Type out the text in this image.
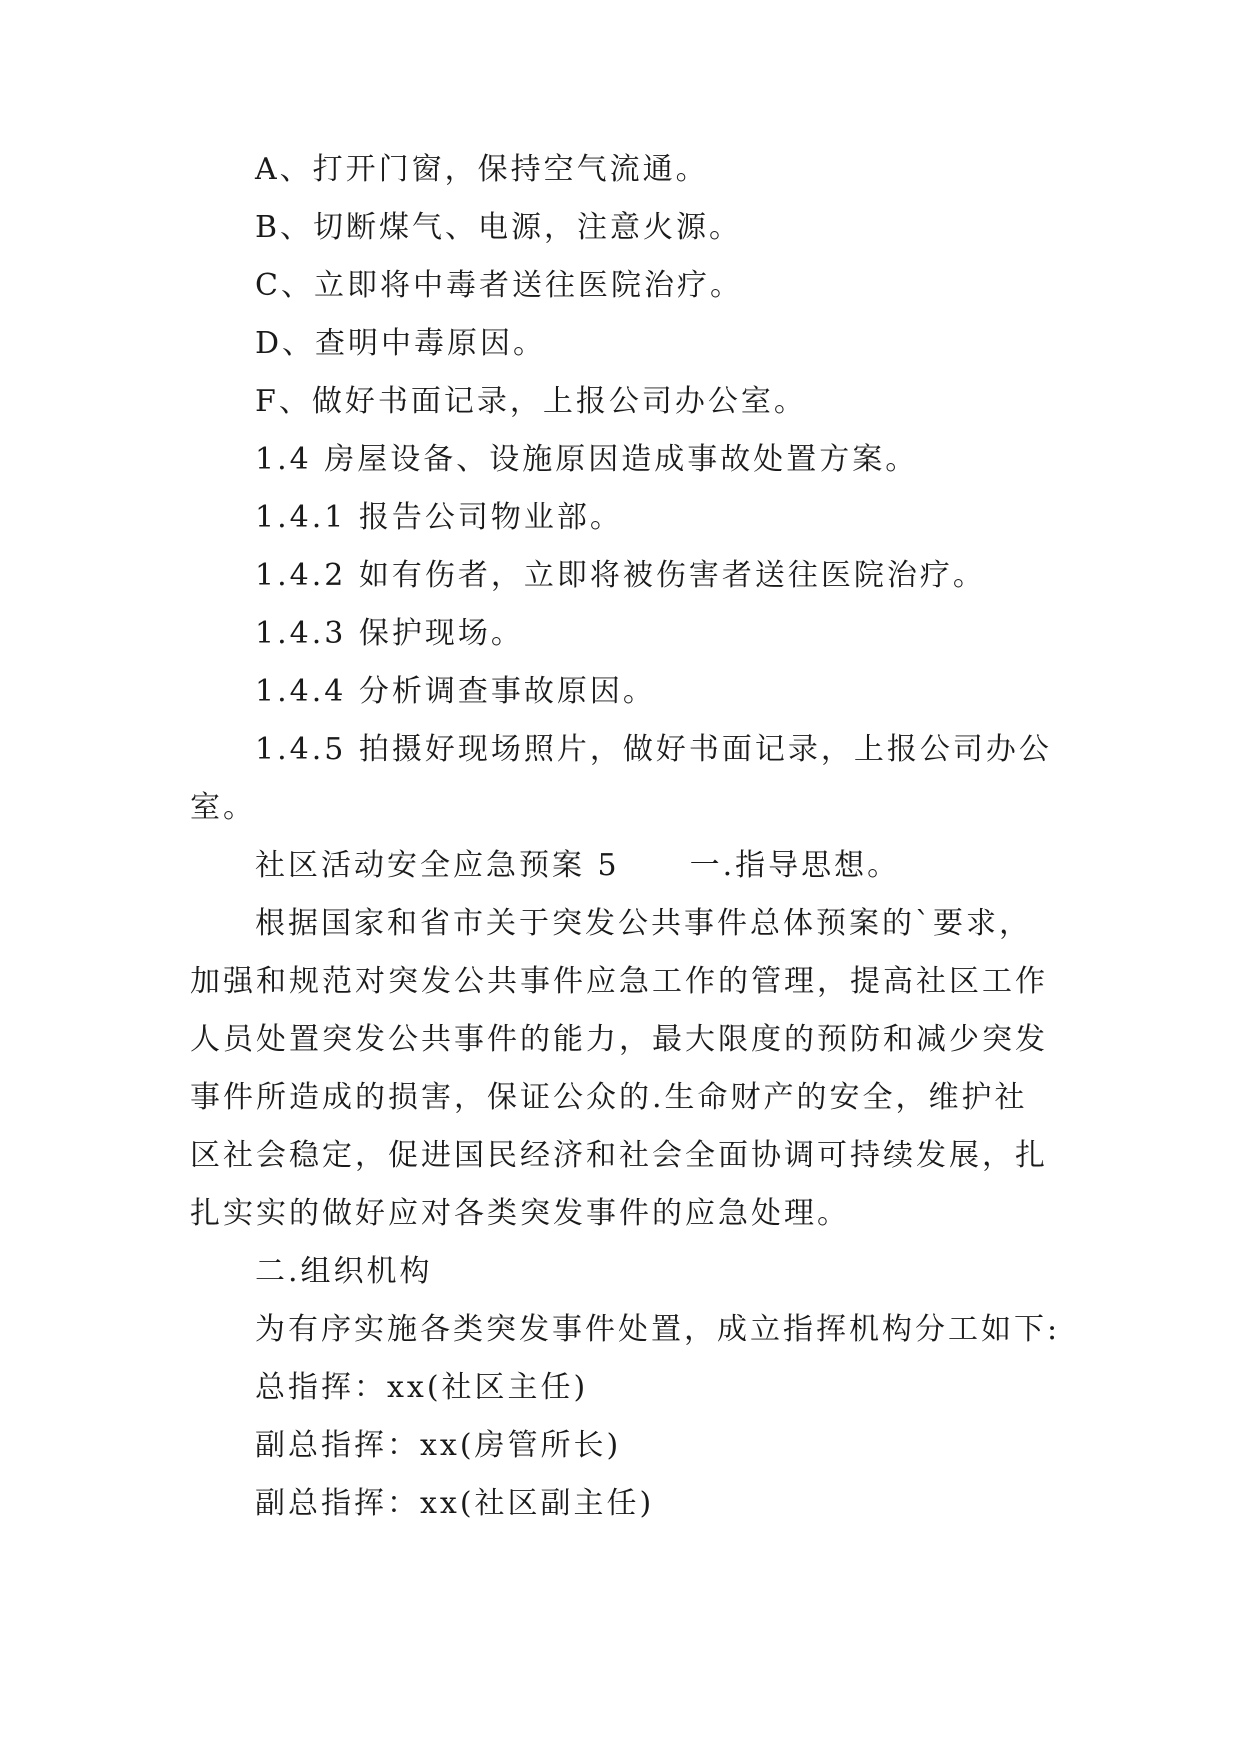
A、打开门窗，保持空气流通。
B、切断煤气、电源，注意火源。
C、立即将中毒者送往医院治疗。
D、查明中毒原因。
F、做好书面记录，上报公司办公室。
1.4 房屋设备、设施原因造成事故处置方案。
1.4.1 报告公司物业部。
1.4.2 如有伤者，立即将被伤害者送往医院治疗。
1.4.3 保护现场。
1.4.4 分析调查事故原因。
1.4.5 拍摄好现场照片，做好书面记录，上报公司办公
室。
社区活动安全应急预案 5 一.指导思想。
根据国家和省市关于突发公共事件总体预案的`要求，
加强和规范对突发公共事件应急工作的管理，提高社区工作
人员处置突发公共事件的能力，最大限度的预防和减少突发
事件所造成的损害，保证公众的.生命财产的安全，维护社
区社会稳定，促进国民经济和社会全面协调可持续发展，扎
扎实实的做好应对各类突发事件的应急处理。
二.组织机构
为有序实施各类突发事件处置，成立指挥机构分工如下:
总指挥：xx(社区主任)
副总指挥：xx(房管所长)
副总指挥：xx(社区副主任)
